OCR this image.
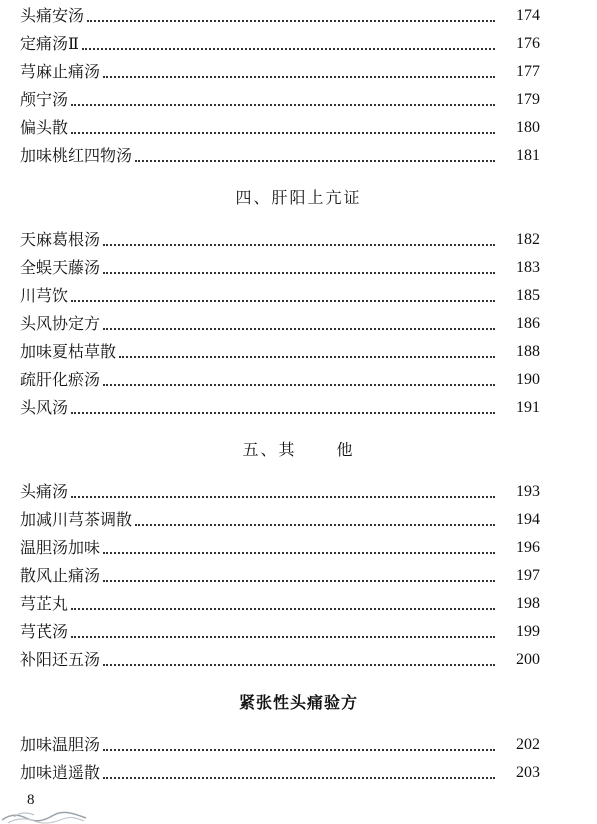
头痛安汤	174
定痛汤Ⅱ	176
芎麻止痛汤	177
颅宁汤	179
偏头散	180
加味桃红四物汤	181
四、肝阳上亢证
天麻葛根汤	182
全蜈天藤汤	183
川芎饮	185
头风协定方	186
加味夏枯草散	188
疏肝化瘀汤	190
头风汤	191
五、其	他
头痛汤	193
加减川芎茶调散	194
温胆汤加味	196
散风止痛汤	197
芎芷丸	198
芎芪汤	199
补阳还五汤	200
紧张性头痛验方
加味温胆汤	202
加味逍遥散	203
8
